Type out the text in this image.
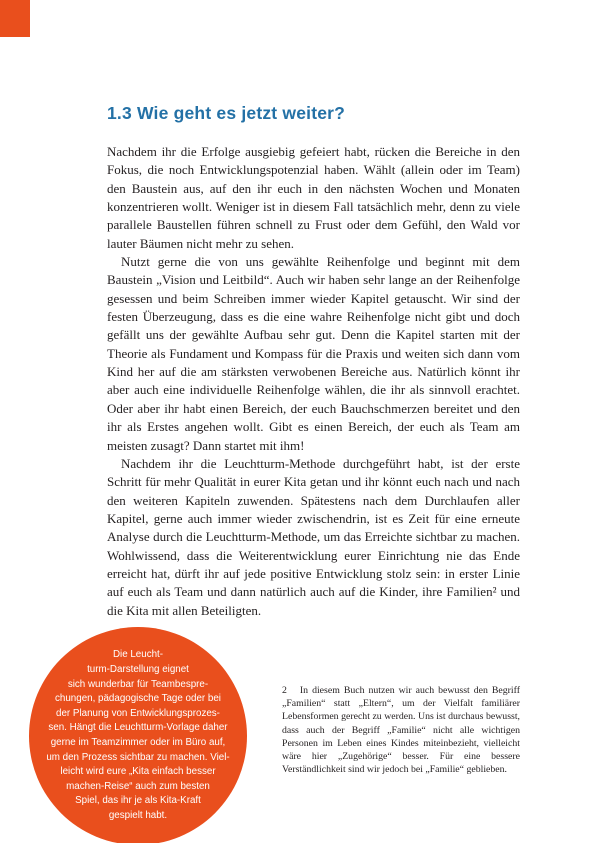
1.3 Wie geht es jetzt weiter?

Nachdem ihr die Erfolge ausgiebig gefeiert habt, rücken die Bereiche in den Fokus, die noch Entwicklungspotenzial haben. Wählt (allein oder im Team) den Baustein aus, auf den ihr euch in den nächsten Wochen und Monaten konzentrieren wollt. Weniger ist in diesem Fall tatsächlich mehr, denn zu viele parallele Baustellen führen schnell zu Frust oder dem Gefühl, den Wald vor lauter Bäumen nicht mehr zu sehen.

Nutzt gerne die von uns gewählte Reihenfolge und beginnt mit dem Baustein „Vision und Leitbild“. Auch wir haben sehr lange an der Reihenfolge gesessen und beim Schreiben immer wieder Kapitel getauscht. Wir sind der festen Überzeugung, dass es die eine wahre Reihenfolge nicht gibt und doch gefällt uns der gewählte Aufbau sehr gut. Denn die Kapitel starten mit der Theorie als Fundament und Kompass für die Praxis und weiten sich dann vom Kind her auf die am stärksten verwobenen Bereiche aus. Natürlich könnt ihr aber auch eine individuelle Reihenfolge wählen, die ihr als sinnvoll erachtet. Oder aber ihr habt einen Bereich, der euch Bauchschmerzen bereitet und den ihr als Erstes angehen wollt. Gibt es einen Bereich, der euch als Team am meisten zusagt? Dann startet mit ihm!

Nachdem ihr die Leuchtturm-Methode durchgeführt habt, ist der erste Schritt für mehr Qualität in eurer Kita getan und ihr könnt euch nach und nach den weiteren Kapiteln zuwenden. Spätestens nach dem Durchlaufen aller Kapitel, gerne auch immer wieder zwischendrin, ist es Zeit für eine erneute Analyse durch die Leuchtturm-Methode, um das Erreichte sichtbar zu machen. Wohlwissend, dass die Weiterentwicklung eurer Einrichtung nie das Ende erreicht hat, dürft ihr auf jede positive Entwicklung stolz sein: in erster Linie auf euch als Team und dann natürlich auch auf die Kinder, ihre Familien² und die Kita mit allen Beteiligten.

Die Leucht-
turm-Darstellung eignet
sich wunderbar für Teambespre-
chungen, pädagogische Tage oder bei
der Planung von Entwicklungsprozes-
sen. Hängt die Leuchtturm-Vorlage daher
gerne im Teamzimmer oder im Büro auf,
um den Prozess sichtbar zu machen. Viel-
leicht wird eure „Kita einfach besser
machen-Reise“ auch zum besten
Spiel, das ihr je als Kita-Kraft
gespielt habt.
2 In diesem Buch nutzen wir auch bewusst den Begriff „Familien“ statt „Eltern“, um der Vielfalt familiärer Lebensformen gerecht zu werden. Uns ist durchaus bewusst, dass auch der Begriff „Familie“ nicht alle wichtigen Personen im Leben eines Kindes miteinbezieht, vielleicht wäre hier „Zugehörige“ besser. Für eine bessere Verständlichkeit sind wir jedoch bei „Familie“ geblieben.
